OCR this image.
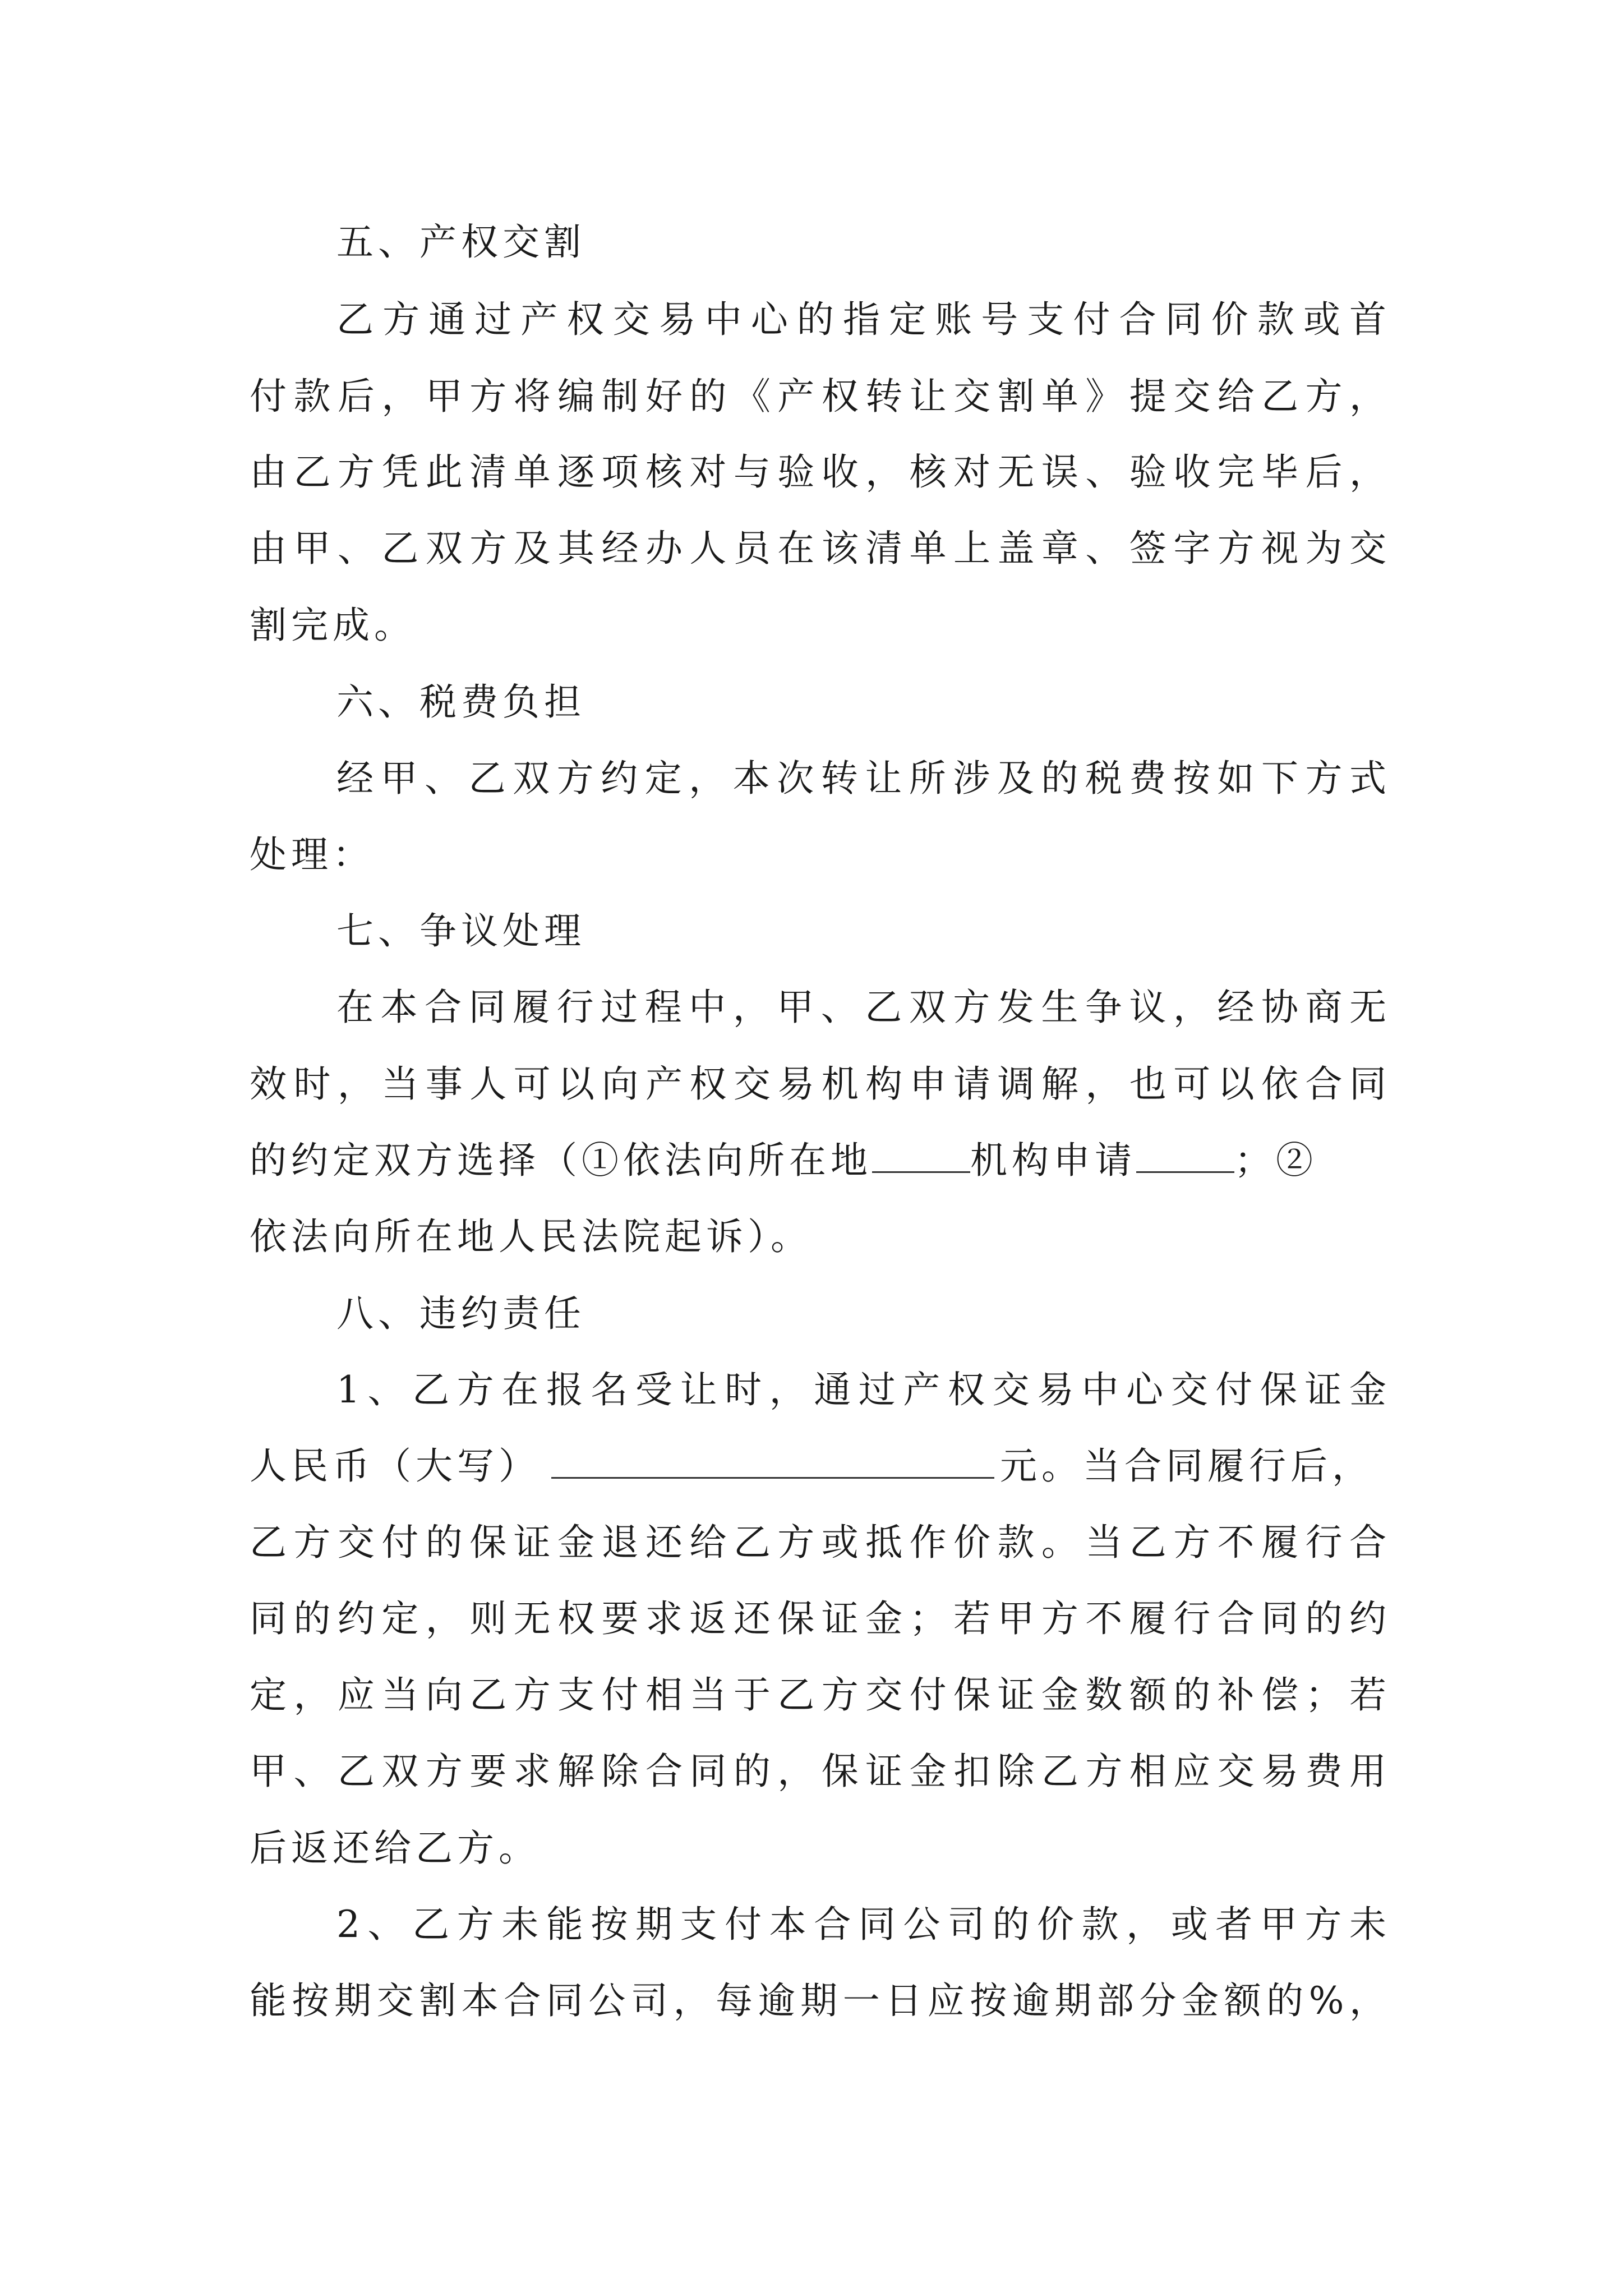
五、产权交割
乙方通过产权交易中心的指定账号支付合同价款或首
付款后，甲方将编制好的《产权转让交割单》提交给乙方，
由乙方凭此清单逐项核对与验收，核对无误、验收完毕后，
由甲、乙双方及其经办人员在该清单上盖章、签字方视为交
割完成。
六、税费负担
经甲、乙双方约定，本次转让所涉及的税费按如下方式
处理：
七、争议处理
在本合同履行过程中，甲、乙双方发生争议，经协商无
效时，当事人可以向产权交易机构申请调解，也可以依合同
的约定双方选择（①依法向所在地	机构申请	；②
依法向所在地人民法院起诉）。
八、违约责任
1、乙方在报名受让时，通过产权交易中心交付保证金
人民币（大写）	元。当合同履行后，
乙方交付的保证金退还给乙方或抵作价款。当乙方不履行合
同的约定，则无权要求返还保证金；若甲方不履行合同的约
定，应当向乙方支付相当于乙方交付保证金数额的补偿；若
甲、乙双方要求解除合同的，保证金扣除乙方相应交易费用
后返还给乙方。
2、乙方未能按期支付本合同公司的价款，或者甲方未
能按期交割本合同公司，每逾期一日应按逾期部分金额的%，
